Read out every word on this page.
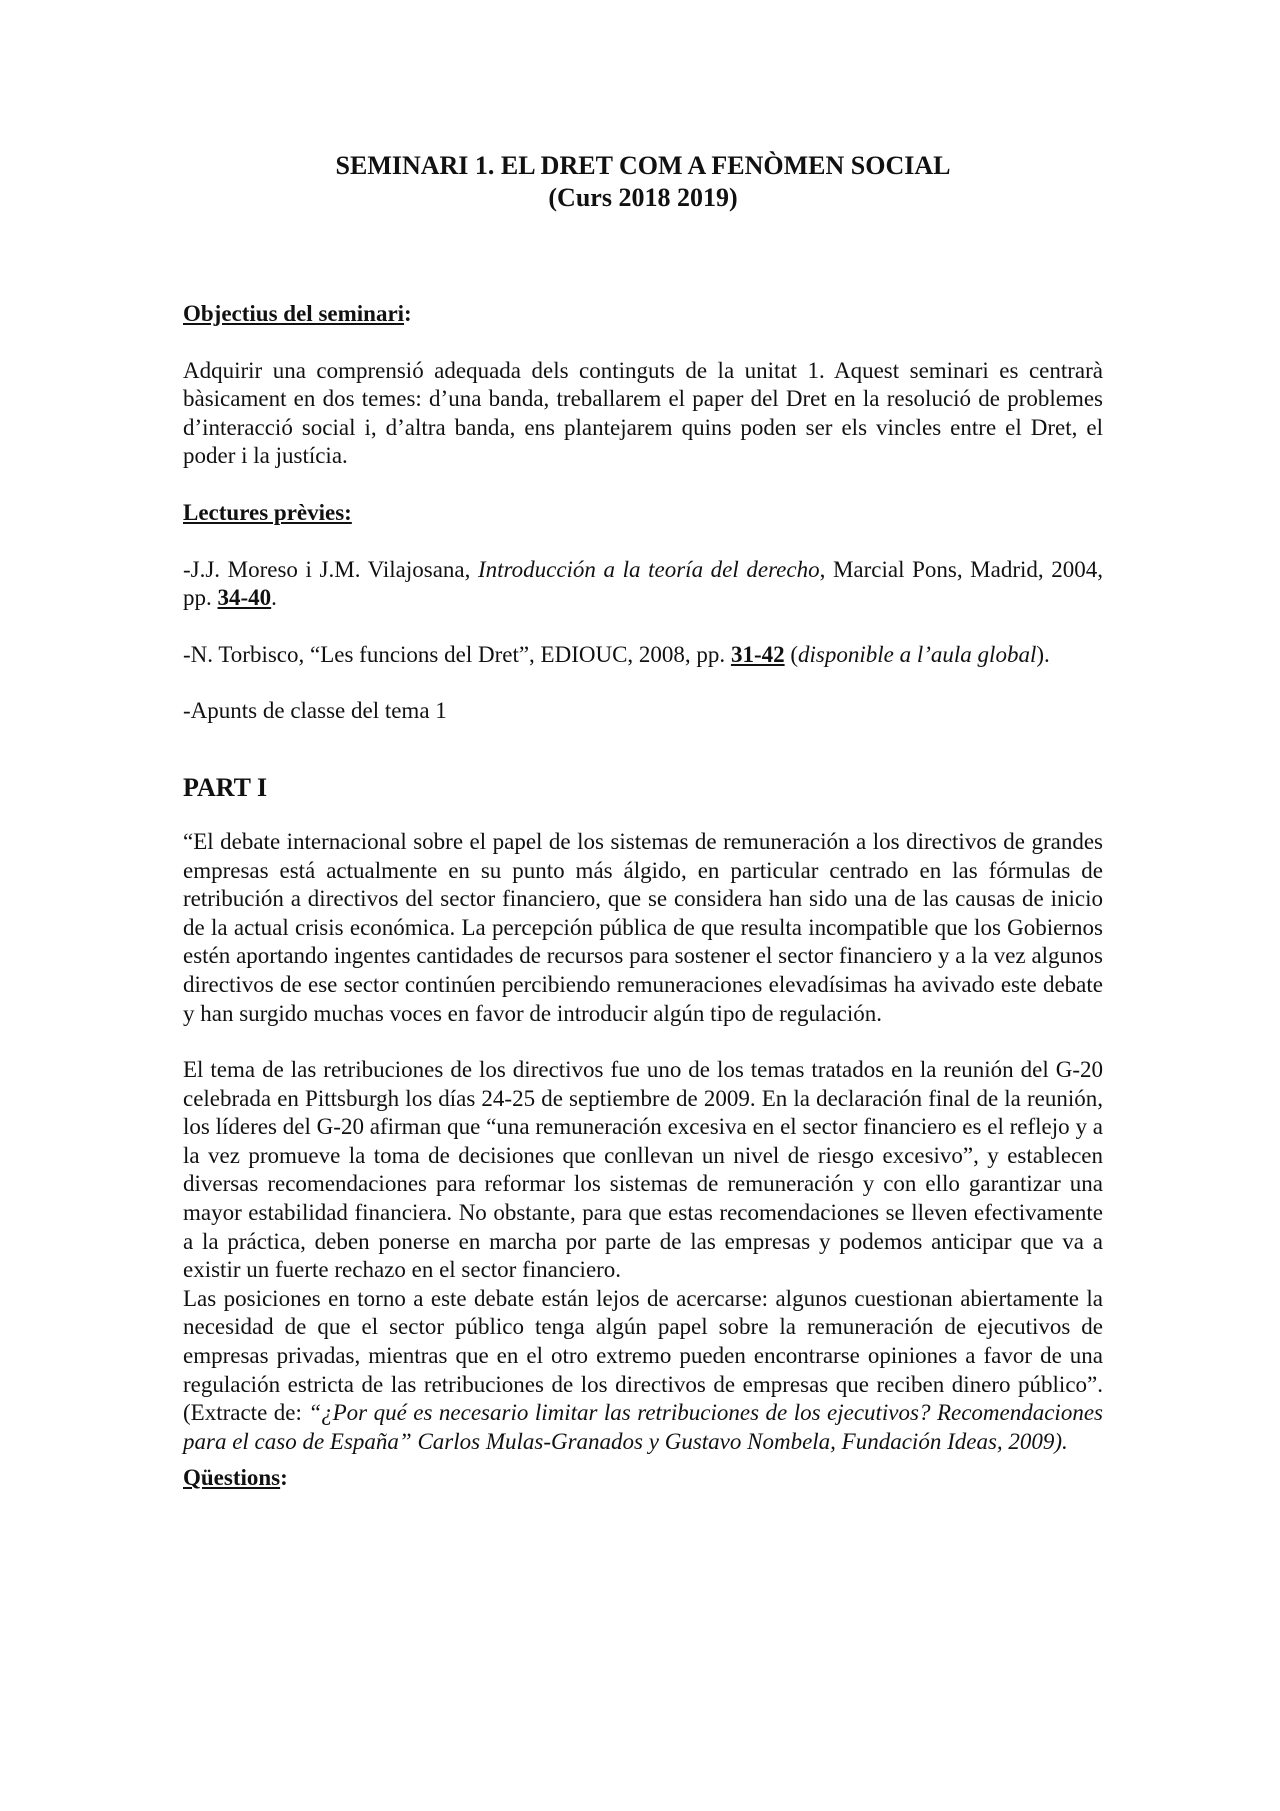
SEMINARI 1. EL DRET COM A FENÒMEN SOCIAL
(Curs 2018 2019)
Objectius del seminari:

Adquirir una comprensió adequada dels continguts de la unitat 1. Aquest seminari es centrarà bàsicament en dos temes: d’una banda, treballarem el paper del Dret en la resolució de problemes d’interacció social i, d’altra banda, ens plantejarem quins poden ser els vincles entre el Dret, el poder i la justícia.

Lectures prèvies:

-J.J. Moreso i J.M. Vilajosana, Introducción a la teoría del derecho, Marcial Pons, Madrid, 2004, pp. 34-40.

-N. Torbisco, “Les funcions del Dret”, EDIOUC, 2008, pp. 31-42 (disponible a l’aula global).

-Apunts de classe del tema 1

PART I

“El debate internacional sobre el papel de los sistemas de remuneración a los directivos de grandes empresas está actualmente en su punto más álgido, en particular centrado en las fórmulas de retribución a directivos del sector financiero, que se considera han sido una de las causas de inicio de la actual crisis económica. La percepción pública de que resulta incompatible que los Gobiernos estén aportando ingentes cantidades de recursos para sostener el sector financiero y a la vez algunos directivos de ese sector continúen percibiendo remuneraciones elevadísimas ha avivado este debate y han surgido muchas voces en favor de introducir algún tipo de regulación.

El tema de las retribuciones de los directivos fue uno de los temas tratados en la reunión del G-20 celebrada en Pittsburgh los días 24-25 de septiembre de 2009. En la declaración final de la reunión, los líderes del G-20 afirman que “una remuneración excesiva en el sector financiero es el reflejo y a la vez promueve la toma de decisiones que conllevan un nivel de riesgo excesivo”, y establecen diversas recomendaciones para reformar los sistemas de remuneración y con ello garantizar una mayor estabilidad financiera. No obstante, para que estas recomendaciones se lleven efectivamente a la práctica, deben ponerse en marcha por parte de las empresas y podemos anticipar que va a existir un fuerte rechazo en el sector financiero.

Las posiciones en torno a este debate están lejos de acercarse: algunos cuestionan abiertamente la necesidad de que el sector público tenga algún papel sobre la remuneración de ejecutivos de empresas privadas, mientras que en el otro extremo pueden encontrarse opiniones a favor de una regulación estricta de las retribuciones de los directivos de empresas que reciben dinero público”. (Extracte de: “¿Por qué es necesario limitar las retribuciones de los ejecutivos? Recomendaciones para el caso de España” Carlos Mulas-Granados y Gustavo Nombela, Fundación Ideas, 2009).

Qüestions:
